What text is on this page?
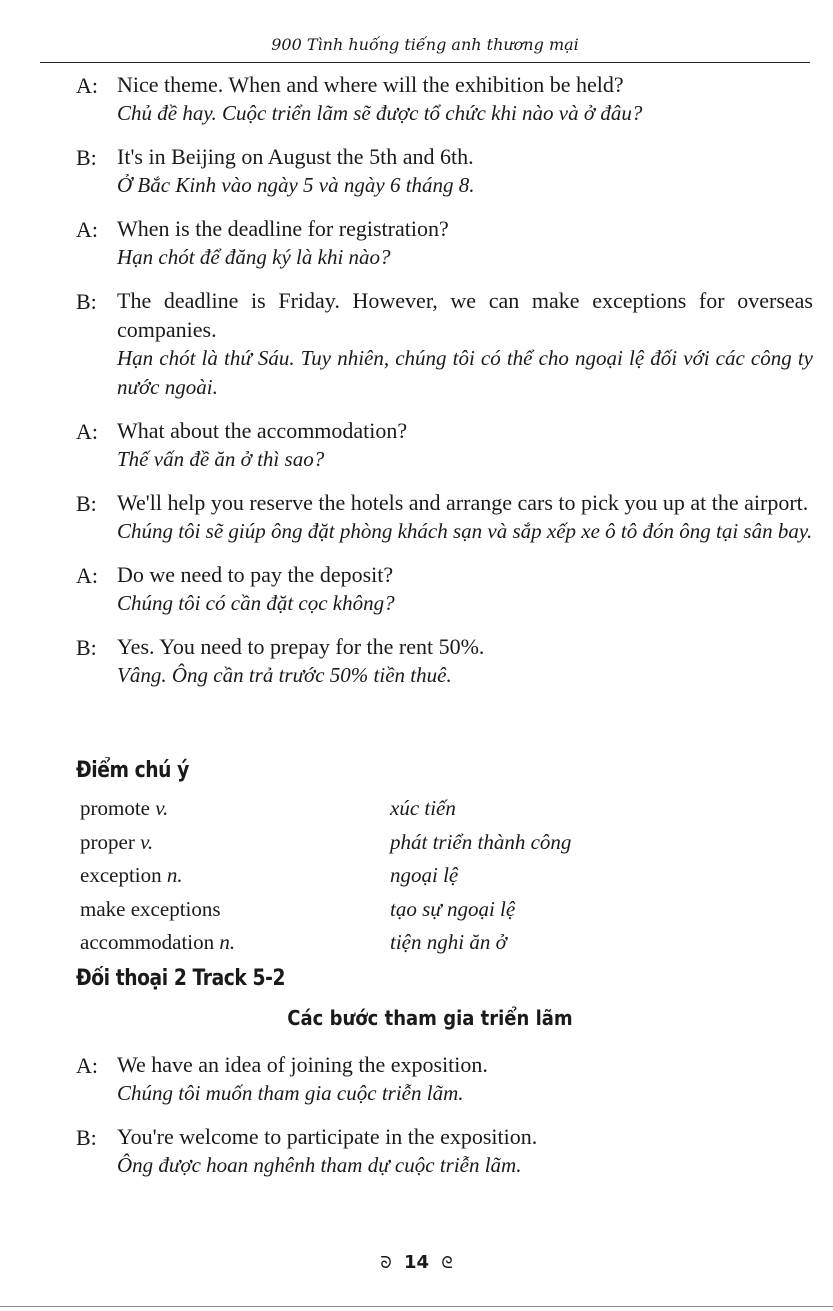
900 Tình huống tiếng anh thương mại
A: Nice theme. When and where will the exhibition be held?
Chủ đề hay. Cuộc triển lãm sẽ được tổ chức khi nào và ở đâu?
B: It's in Beijing on August the 5th and 6th.
Ở Bắc Kinh vào ngày 5 và ngày 6 tháng 8.
A: When is the deadline for registration?
Hạn chót để đăng ký là khi nào?
B: The deadline is Friday. However, we can make exceptions for overseas companies.
Hạn chót là thứ Sáu. Tuy nhiên, chúng tôi có thể cho ngoại lệ đối với các công ty nước ngoài.
A: What about the accommodation?
Thế vấn đề ăn ở thì sao?
B: We'll help you reserve the hotels and arrange cars to pick you up at the airport.
Chúng tôi sẽ giúp ông đặt phòng khách sạn và sắp xếp xe ô tô đón ông tại sân bay.
A: Do we need to pay the deposit?
Chúng tôi có cần đặt cọc không?
B: Yes. You need to prepay for the rent 50%.
Vâng. Ông cần trả trước 50% tiền thuê.
Điểm chú ý
promote v.	xúc tiến
proper v.	phát triển thành công
exception n.	ngoại lệ
make exceptions	tạo sự ngoại lệ
accommodation n.	tiện nghi ăn ở
Đối thoại 2 Track 5-2
Các bước tham gia triển lãm
A: We have an idea of joining the exposition.
Chúng tôi muốn tham gia cuộc triễn lãm.
B: You're welcome to participate in the exposition.
Ông được hoan nghênh tham dự cuộc triễn lãm.
ᘐ 14 ᘓ
